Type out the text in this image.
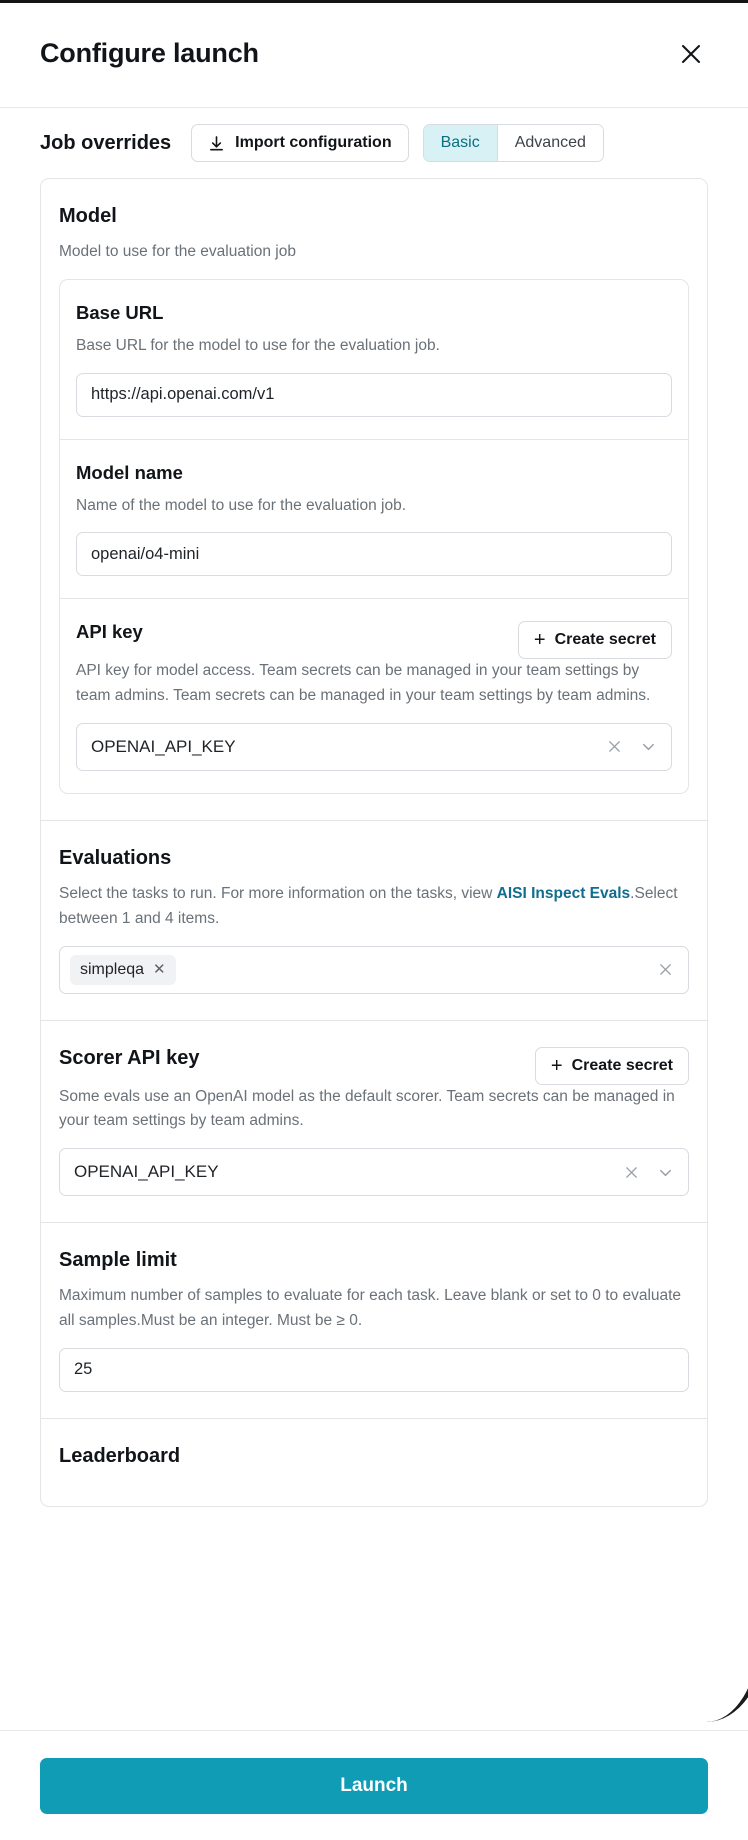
Configure launch
Job overrides	Import configuration	Basic	Advanced
Model
Model to use for the evaluation job
Base URL
Base URL for the model to use for the evaluation job.
https://api.openai.com/v1
Model name
Name of the model to use for the evaluation job.
openai/o4-mini
API key	+ Create secret
API key for model access. Team secrets can be managed in your team settings by team admins. Team secrets can be managed in your team settings by team admins.
OPENAI_API_KEY
Evaluations
Select the tasks to run. For more information on the tasks, view AISI Inspect Evals.Select between 1 and 4 items.
simpleqa ✕
Scorer API key	+ Create secret
Some evals use an OpenAI model as the default scorer. Team secrets can be managed in your team settings by team admins.
OPENAI_API_KEY
Sample limit
Maximum number of samples to evaluate for each task. Leave blank or set to 0 to evaluate all samples.Must be an integer. Must be ≥ 0.
25
Leaderboard
Launch
